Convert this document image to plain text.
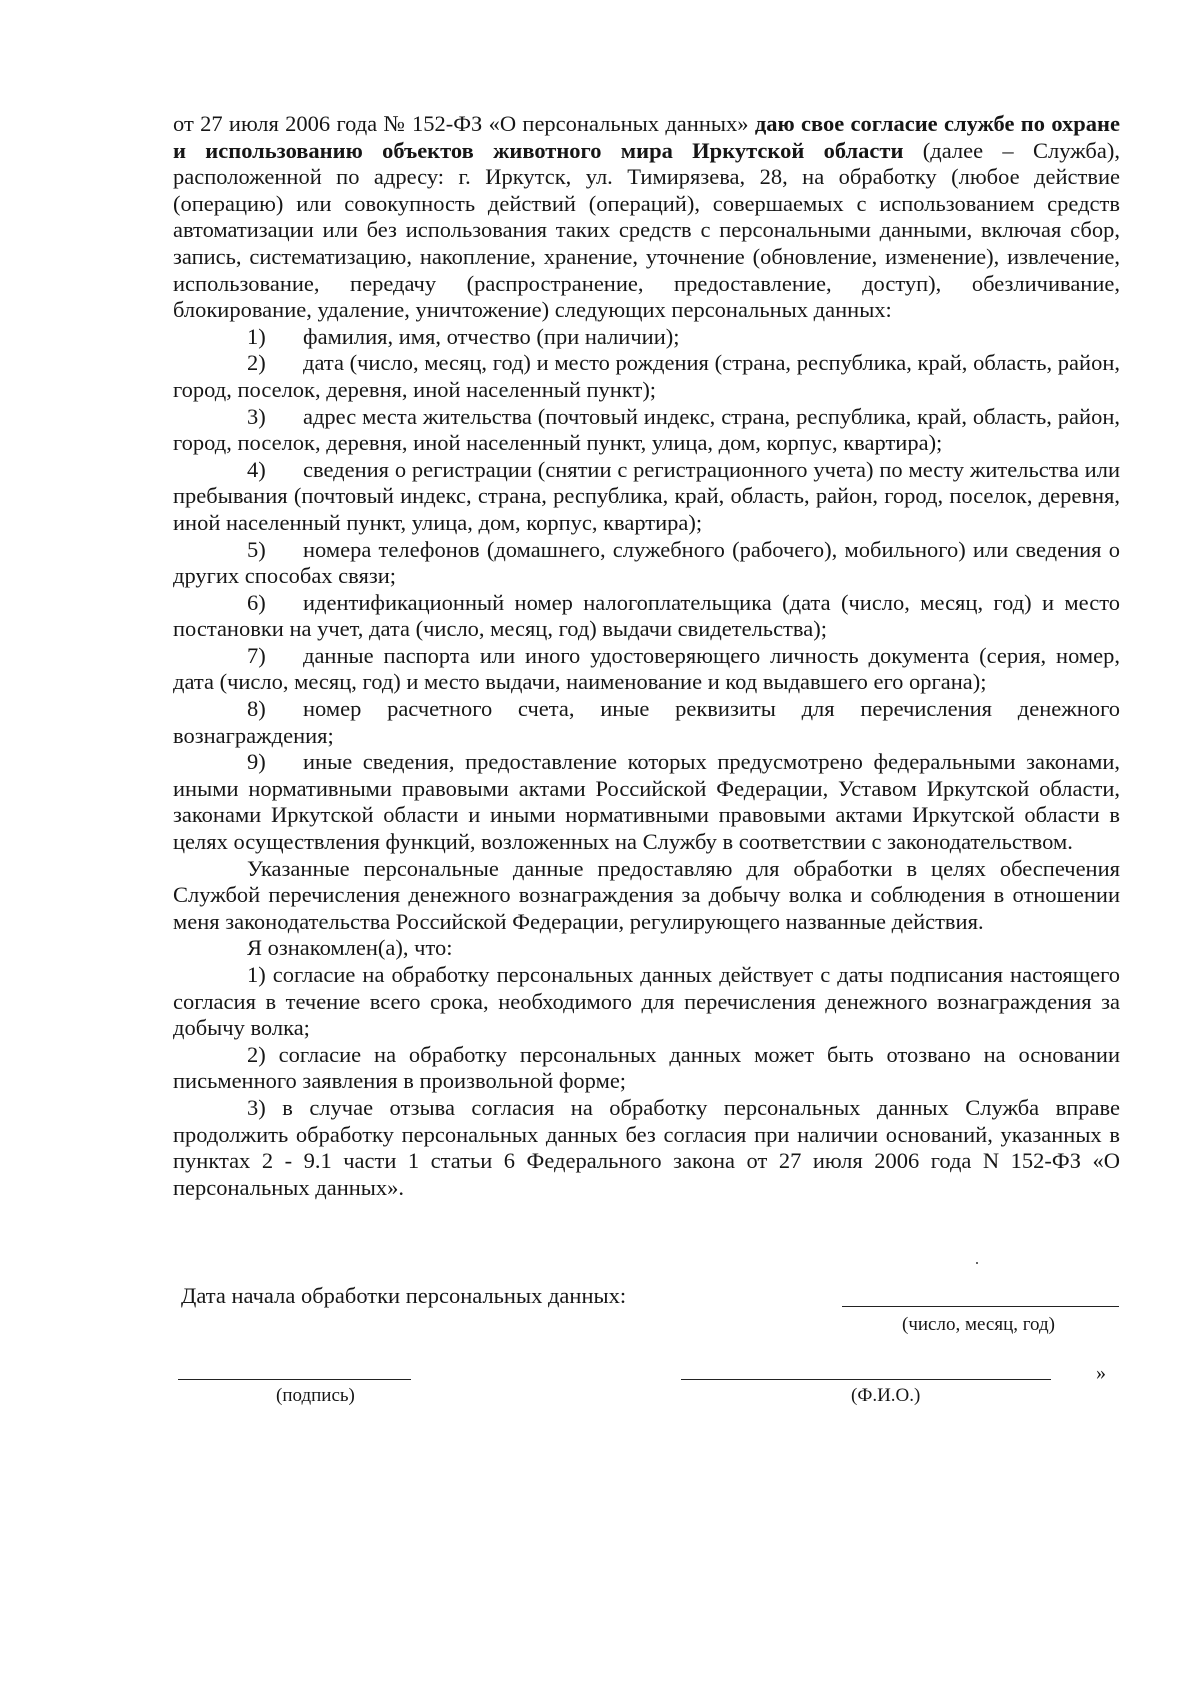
от 27 июля 2006 года № 152-ФЗ «О персональных данных» даю свое согласие службе по охране и использованию объектов животного мира Иркутской области (далее – Служба), расположенной по адресу: г. Иркутск, ул. Тимирязева, 28, на обработку (любое действие (операцию) или совокупность действий (операций), совершаемых с использованием средств автоматизации или без использования таких средств с персональными данными, включая сбор, запись, систематизацию, накопление, хранение, уточнение (обновление, изменение), извлечение, использование, передачу (распространение, предоставление, доступ), обезличивание, блокирование, удаление, уничтожение) следующих персональных данных:

1) фамилия, имя, отчество (при наличии);

2) дата (число, месяц, год) и место рождения (страна, республика, край, область, район, город, поселок, деревня, иной населенный пункт);

3) адрес места жительства (почтовый индекс, страна, республика, край, область, район, город, поселок, деревня, иной населенный пункт, улица, дом, корпус, квартира);

4) сведения о регистрации (снятии с регистрационного учета) по месту жительства или пребывания (почтовый индекс, страна, республика, край, область, район, город, поселок, деревня, иной населенный пункт, улица, дом, корпус, квартира);

5) номера телефонов (домашнего, служебного (рабочего), мобильного) или сведения о других способах связи;

6) идентификационный номер налогоплательщика (дата (число, месяц, год) и место постановки на учет, дата (число, месяц, год) выдачи свидетельства);

7) данные паспорта или иного удостоверяющего личность документа (серия, номер, дата (число, месяц, год) и место выдачи, наименование и код выдавшего его органа);

8) номер расчетного счета, иные реквизиты для перечисления денежного вознаграждения;

9) иные сведения, предоставление которых предусмотрено федеральными законами, иными нормативными правовыми актами Российской Федерации, Уставом Иркутской области, законами Иркутской области и иными нормативными правовыми актами Иркутской области в целях осуществления функций, возложенных на Службу в соответствии с законодательством.

Указанные персональные данные предоставляю для обработки в целях обеспечения Службой перечисления денежного вознаграждения за добычу волка и соблюдения в отношении меня законодательства Российской Федерации, регулирующего названные действия.

Я ознакомлен(а), что:

1) согласие на обработку персональных данных действует с даты подписания настоящего согласия в течение всего срока, необходимого для перечисления денежного вознаграждения за добычу волка;

2) согласие на обработку персональных данных может быть отозвано на основании письменного заявления в произвольной форме;

3) в случае отзыва согласия на обработку персональных данных Служба вправе продолжить обработку персональных данных без согласия при наличии оснований, указанных в пунктах 2 - 9.1 части 1 статьи 6 Федерального закона от 27 июля 2006 года N 152-ФЗ «О персональных данных».

Дата начала обработки персональных данных:
(число, месяц, год)
(подпись)	(Ф.И.О.)
»
